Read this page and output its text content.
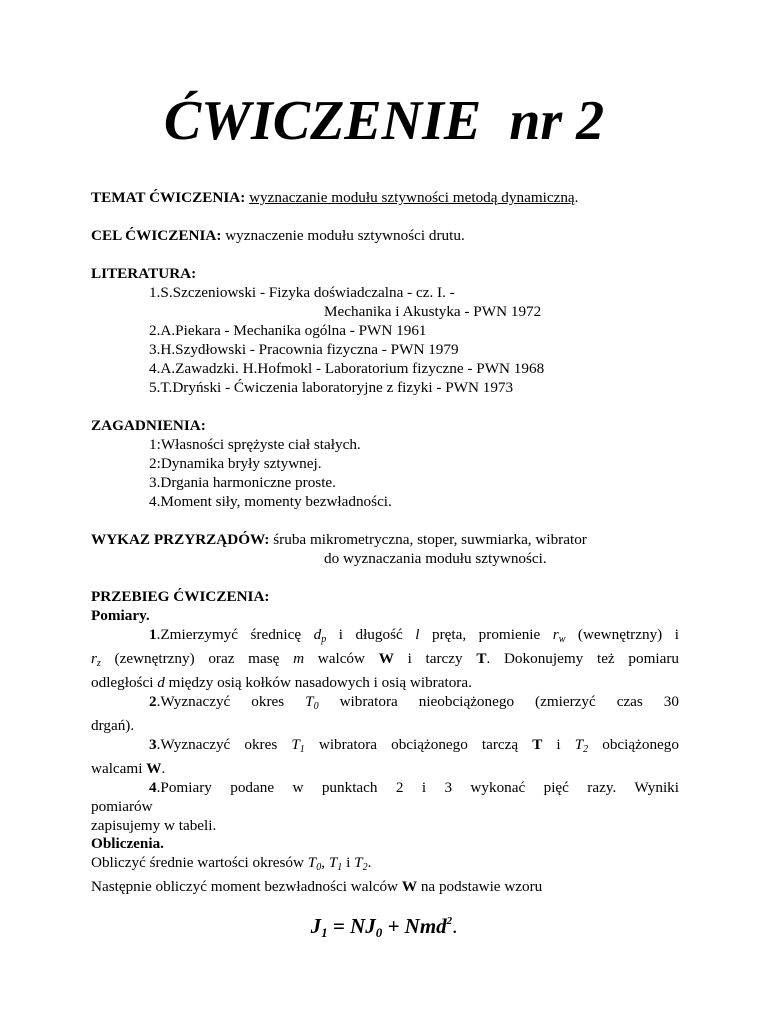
ĆWICZENIE  nr 2
TEMAT ĆWICZENIA: wyznaczanie modułu sztywności metodą dynamiczną.
CEL ĆWICZENIA: wyznaczenie modułu sztywności drutu.
LITERATURA:
1.S.Szczeniowski - Fizyka doświadczalna - cz. I. -
Mechanika i Akustyka - PWN 1972
2.A.Piekara - Mechanika ogólna - PWN 1961
3.H.Szydłowski - Pracownia fizyczna - PWN 1979
4.A.Zawadzki. H.Hofmokl - Laboratorium fizyczne - PWN 1968
5.T.Dryński - Ćwiczenia laboratoryjne z fizyki - PWN 1973
ZAGADNIENIA:
1:Własności sprężyste ciał stałych.
2:Dynamika bryły sztywnej.
3.Drgania harmoniczne proste.
4.Moment siły, momenty bezwładności.
WYKAZ PRZYRZĄDÓW: śruba mikrometryczna, stoper, suwmiarka, wibrator
do wyznaczania modułu sztywności.
PRZEBIEG ĆWICZENIA:
Pomiary.
1.Zmierzymyć średnicę dp i długość l pręta, promienie rw (wewnętrzny) i
rz (zewnętrzny) oraz masę m walców W i tarczy T. Dokonujemy też pomiaru
odległości d między osią kołków nasadowych i osią wibratora.
2.Wyznaczyć okres T0 wibratora nieobciążonego (zmierzyć czas 30
drgań).
3.Wyznaczyć okres T1 wibratora obciążonego tarczą T i T2 obciążonego
walcami W.
4.Pomiary podane w punktach 2 i 3 wykonać pięć razy. Wyniki
pomiarów
zapisujemy w tabeli.
Obliczenia.
Obliczyć średnie wartości okresów T0, T1 i T2.
Następnie obliczyć moment bezwładności walców W na podstawie wzoru
$J_1 = NJ_0 + Nmd^2$.
